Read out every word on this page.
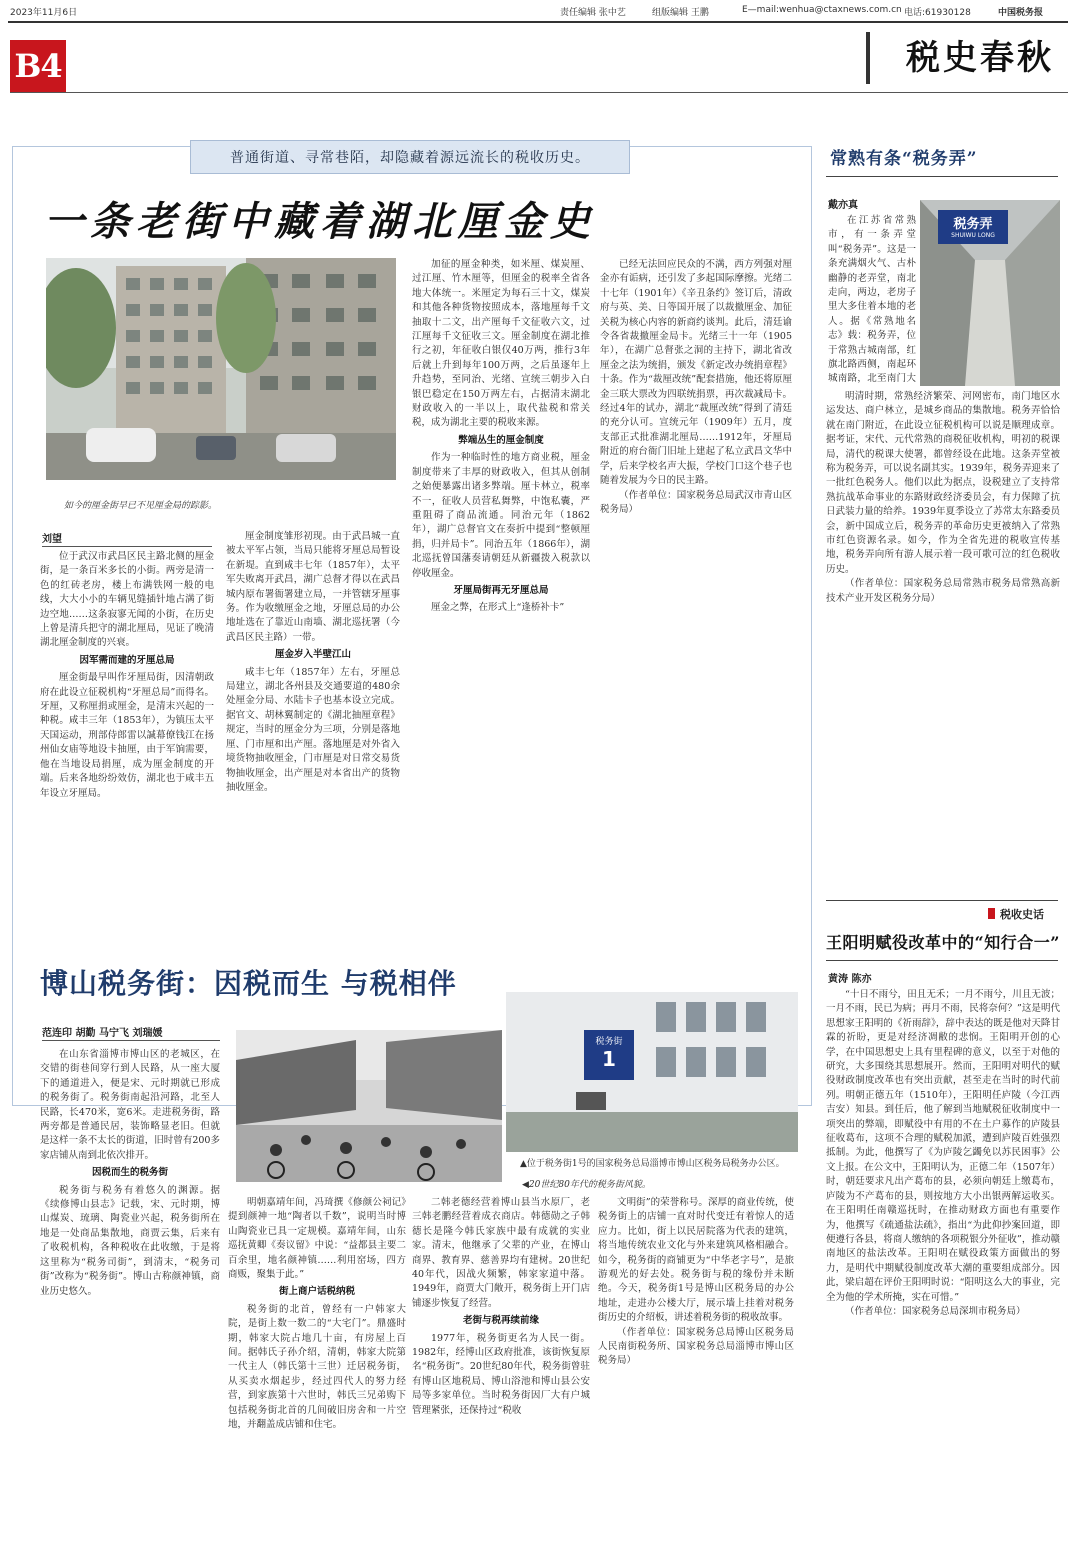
2023年11月6日	责任编辑 张中艺	组版编辑 王鹏	E—mail:wenhua@ctaxnews.com.cn 电话:61930128	中国税务报
B4	税史春秋
普通街道、寻常巷陌，却隐藏着源远流长的税收历史。
一条老街中藏着湖北厘金史
如今的厘金街早已不见厘金局的踪影。
刘望

位于武汉市武昌区民主路北侧的厘金街，是一条百米多长的小街。两旁是清一色的红砖老房，楼上布满铁网一般的电线，大大小小的车辆见缝插针地占满了街边空地……这条寂寥无闻的小街，在历史上曾是清兵把守的湖北厘局，见证了晚清湖北厘金制度的兴衰。

因军需而建的牙厘总局

厘金街最早叫作牙厘局街，因清朝政府在此设立征税机构“牙厘总局”而得名。牙厘，又称厘捐或厘金，是清末兴起的一种税。咸丰三年（1853年），为镇压太平天国运动，刑部侍郎雷以諴幕僚钱江在扬州仙女庙等地设卡抽厘，由于军饷需要，他在当地设局捐厘，成为厘金制度的开端。后来各地纷纷效仿，湖北也于咸丰五年设立牙厘局。

厘金制度雏形初现。由于武昌城一直被太平军占领，当局只能将牙厘总局暂设在新堤。直到咸丰七年（1857年），太平军失败离开武昌，湖广总督才得以在武昌城内原布署衙署建立局，一并管辖牙厘事务。作为收缴厘金之地，牙厘总局的办公地址选在了靠近山南墙、湖北巡抚署（今武昌区民主路）一带。

厘金岁入半壁江山

咸丰七年（1857年）左右，牙厘总局建立，湖北各州县及交通要道的480余处厘金分局、水陆卡子也基本设立完成。据官文、胡林翼制定的《湖北抽厘章程》规定，当时的厘金分为三项，分别是落地厘、门市厘和出产厘。落地厘是对外省入境货物抽收厘金，门市厘是对日常交易货物抽收厘金，出产厘是对本省出产的货物抽收厘金。

加征的厘金种类，如米厘、煤炭厘、过江厘、竹木厘等，但厘金的税率全省各地大体统一。米厘定为每石三十文，煤炭和其他各种货物按照成本，落地厘每千文抽取十二文，出产厘每千文征收六文，过江厘每千文征收三文。厘金制度在湖北推行之初，年征收白银仅40万两，推行3年后就上升到每年100万两，之后虽逐年上升趋势，至同治、光绪、宣统三朝步入白银巴稳定在150万两左右，占据清末湖北财政收入的一半以上，取代盐税和常关税，成为湖北主要的税收来源。

弊端丛生的厘金制度

作为一种临时性的地方商业税，厘金制度带来了丰厚的财政收入，但其从创制之始便暴露出诸多弊端。厘卡林立，税率不一，征收人员营私舞弊，中饱私囊，严重阻碍了商品流通。同治元年（1862年），湖广总督官文在奏折中提到“整顿厘捐，归并局卡”。同治五年（1866年），湖北巡抚曾国藩奏请朝廷从新疆拨入税款以停收厘金。

牙厘局街再无牙厘总局

厘金之弊，在形式上“逢桥补卡”

已经无法回应民众的不满，西方列强对厘金亦有诟病，还引发了多起国际摩擦。光绪二十七年（1901年）《辛丑条约》签订后，清政府与英、美、日等国开展了以裁撤厘金、加征关税为核心内容的新商约谈判。此后，清廷谕令各省裁撤厘金局卡。光绪三十一年（1905年），在湖广总督张之洞的主持下，湖北省改厘金之法为统捐，颁发《新定改办统捐章程》十条。作为“裁厘改统”配套措施，他还将原厘金三联大票改为四联统捐票，再次裁减局卡。经过4年的试办，湖北“裁厘改统”得到了清廷的充分认可。宣统元年（1909年）五月，度支部正式批准湖北厘局……1912年，牙厘局附近的府台衙门旧址上建起了私立武昌文华中学，后来学校名声大振，学校门口这个巷子也随着发展为今日的民主路。

（作者单位：国家税务总局武汉市青山区税务局）

博山税务街：因税而生 与税相伴
范连印 胡勤 马宁飞 刘瑞媛
◀20世纪80年代的税务街风貌。
税务街
1
▲位于税务街1号的国家税务总局淄博市博山区税务局税务办公区。

在山东省淄博市博山区的老城区，在交错的街巷间穿行到人民路，从一座大厦下的通道进入，便是宋、元时期就已形成的税务街了。税务街南起沿河路，北至人民路，长470米，宽6米。走进税务街，路两旁都是普通民居，装饰略显老旧。但就是这样一条不太长的街道，旧时曾有200多家店铺从南到北依次排开。

因税而生的税务街

税务街与税务有着悠久的渊源。据《续修博山县志》记载，宋、元时期，博山煤炭、琉璃、陶瓷业兴起，税务街所在地是一处商品集散地，商贾云集，后来有了收税机构，各种税收在此收缴，于是将这里称为“税务司街”，到清末，“税务司街”改称为“税务街”。博山古称颜神镇，商业历史悠久。

明朝嘉靖年间，冯琦撰《修颜公祠记》提到颜神一地“陶者以千数”，说明当时博山陶瓷业已具一定规模。嘉靖年间，山东巡抚黄卿《奏议留》中说：“益都县主要二百余里，地名颜神镇……利用窑场，四方商贩，聚集于此。”

街上商户话税纳税

税务街的北首，曾经有一户韩家大院，是街上数一数二的“大宅门”。鼎盛时期，韩家大院占地几十亩，有房屋上百间。据韩氏子孙介绍，清朝，韩家大院第一代主人（韩氏第十三世）迁居税务街，从买卖水烟起步，经过四代人的努力经营，到家族第十六世时，韩氏三兄弟购下包括税务街北首的几间破旧房舍和一片空地，并翻盖成店铺和住宅。

二韩老德经营着博山县当水原厂，老三韩老鹏经营着成衣商店。韩德勋之子韩德长是隆今韩氏家族中最有成就的实业家。清末，他继承了父辈的产业，在博山商界、教育界、慈善界均有建树。20世纪40年代，因战火频繁，韩家家道中落。1949年，商贾大门敞开，税务街上开门店铺逐步恢复了经营。

老街与税再续前缘

1977年，税务街更名为人民一街。1982年，经博山区政府批准，该街恢复原名“税务街”。20世纪80年代，税务街曾驻有博山区地税局、博山浴池和博山县公安局等多家单位。当时税务街因厂大有户城管理紧张，还保持过“税收

文明街”的荣誉称号。深厚的商业传统，使税务街上的店铺一直对时代变迁有着惊人的适应力。比如，街上以民居院落为代表的建筑，将当地传统农业文化与外来建筑风格相融合。如今，税务街的商铺更为“中华老字号”，是旅游观光的好去处。税务街与税的缘份并未断绝。今天，税务街1号是博山区税务局的办公地址，走进办公楼大厅，展示墙上挂着对税务街历史的介绍板，讲述着税务街的税收故事。

（作者单位：国家税务总局博山区税务局人民南街税务所、国家税务总局淄博市博山区税务局）

常熟有条“税务弄”
戴亦真
税务弄
SHUIWU LONG

在江苏省常熟市，有一条弄堂叫“税务弄”。这是一条充满烟火气、古朴幽静的老弄堂，南北走向，两边，老房子里大多住着本地的老人。据《常熟地名志》载：税务弄，位于常熟古城南部，红旗北路西侧，南起环城南路，北至南门大

明清时期，常熟经济繁荣、河网密布，南门地区水运发达、商户林立，是城乡商品的集散地。税务弄恰恰就在南门附近，在此设立征税机构可以说是顺理成章。据考证，宋代、元代常熟的商税征收机构，明初的税课局，清代的税课大使署，都曾经设在此地。这条弄堂被称为税务弄，可以说名副其实。1939年，税务弄迎来了一批红色税务人。他们以此为据点，设税建立了支持常熟抗战革命事业的东路财政经济委员会，有力保障了抗日武装力量的给养。1939年夏季设立了苏常太东路委员会，新中国成立后，税务弄的革命历史更被纳入了常熟市红色资源名录。如今，作为全省先进的税收宣传基地，税务弄向所有游人展示着一段可歌可泣的红色税收历史。

（作者单位：国家税务总局常熟市税务局常熟高新技术产业开发区税务分局）

税收史话
王阳明赋役改革中的“知行合一”
黄涛 陈亦

“十日不雨兮，田且无禾；一月不雨兮，川且无波；一月不雨，民已为病；再月不雨，民将奈何？”这是明代思想家王阳明的《祈雨辞》，辞中表达的既是他对天降甘霖的祈盼，更是对经济凋敝的悲悯。王阳明开创的心学，在中国思想史上具有里程碑的意义，以至于对他的研究，大多围绕其思想展开。然而，王阳明对明代的赋役财政制度改革也有突出贡献，甚至走在当时的时代前列。明朝正德五年（1510年），王阳明任庐陵（今江西吉安）知县。到任后，他了解到当地赋税征收制度中一项突出的弊端，即赋役中有用的不在土户募作的庐陵县征收葛布，这项不合理的赋税加派，遭到庐陵百姓强烈抵制。为此，他撰写了《为庐陵乞蠲免以苏民困事》公文上报。在公文中，王阳明认为，正德二年（1507年）时，朝廷要求凡出产葛布的县，必须向朝廷上缴葛布，庐陵为不产葛布的县，则按地方大小出银两解运收买。在王阳明任南赣巡抚时，在推动财政方面也有重要作为，他撰写《疏通盐法疏》，指出“为此仰抄案回道，即便遵行各县，将商人缴纳的各项税银分外征收”，推动赣南地区的盐法改革。王阳明在赋役政策方面做出的努力，是明代中期赋役制度改革大潮的重要组成部分。因此，梁启超在评价王阳明时说：“阳明这么大的事业，完全为他的学术所掩，实在可惜。”

（作者单位：国家税务总局深圳市税务局）
